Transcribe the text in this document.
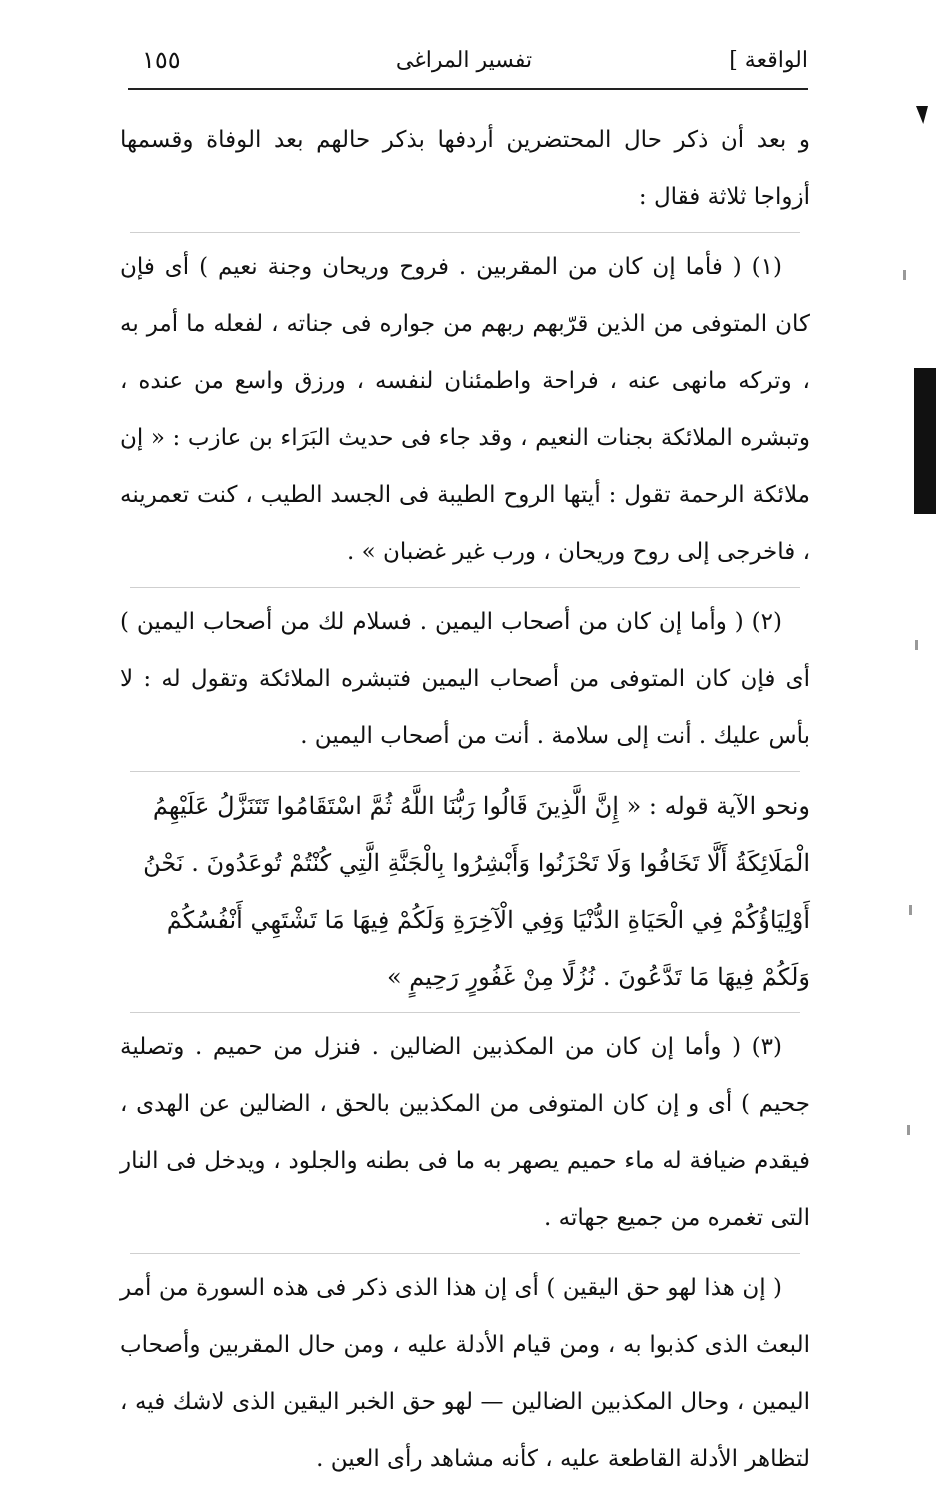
الواقعة ]
تفسير المراغى
١٥٥

و بعد أن ذكر حال المحتضرين أردفها بذكر حالهم بعد الوفاة وقسمها أزواجا ثلاثة فقال :

(١) ( فأما إن كان من المقربين . فروح وريحان وجنة نعيم ) أى فإن كان المتوفى من الذين قرّبهم ربهم من جواره فى جناته ، لفعله ما أمر به ، وتركه مانهى عنه ، فراحة واطمئنان لنفسه ، ورزق واسع من عنده ، وتبشره الملائكة بجنات النعيم ، وقد جاء فى حديث البَرَاء بن عازب : « إن ملائكة الرحمة تقول : أيتها الروح الطيبة فى الجسد الطيب ، كنت تعمرينه ، فاخرجى إلى روح وريحان ، ورب غير غضبان » .

(٢) ( وأما إن كان من أصحاب اليمين . فسلام لك من أصحاب اليمين ) أى فإن كان المتوفى من أصحاب اليمين فتبشره الملائكة وتقول له : لا بأس عليك . أنت إلى سلامة . أنت من أصحاب اليمين .

ونحو الآية قوله : « إِنَّ الَّذِينَ قَالُوا رَبُّنَا اللَّهُ ثُمَّ اسْتَقَامُوا تَتَنَزَّلُ عَلَيْهِمُ

الْمَلَائِكَةُ أَلَّا تَخَافُوا وَلَا تَحْزَنُوا وَأَبْشِرُوا بِالْجَنَّةِ الَّتِي كُنْتُمْ تُوعَدُونَ . نَحْنُ

أَوْلِيَاؤُكُمْ فِي الْحَيَاةِ الدُّنْيَا وَفِي الْآخِرَةِ وَلَكُمْ فِيهَا مَا تَشْتَهِي أَنْفُسُكُمْ

وَلَكُمْ فِيهَا مَا تَدَّعُونَ . نُزُلًا مِنْ غَفُورٍ رَحِيمٍ »

(٣) ( وأما إن كان من المكذبين الضالين . فنزل من حميم . وتصلية جحيم ) أى و إن كان المتوفى من المكذبين بالحق ، الضالين عن الهدى ، فيقدم ضيافة له ماء حميم يصهر به ما فى بطنه والجلود ، ويدخل فى النار التى تغمره من جميع جهاته .

( إن هذا لهو حق اليقين ) أى إن هذا الذى ذكر فى هذه السورة من أمر البعث الذى كذبوا به ، ومن قيام الأدلة عليه ، ومن حال المقربين وأصحاب اليمين ، وحال المكذبين الضالين — لهو حق الخبر اليقين الذى لاشك فيه ، لتظاهر الأدلة القاطعة عليه ، كأنه مشاهد رأى العين .
